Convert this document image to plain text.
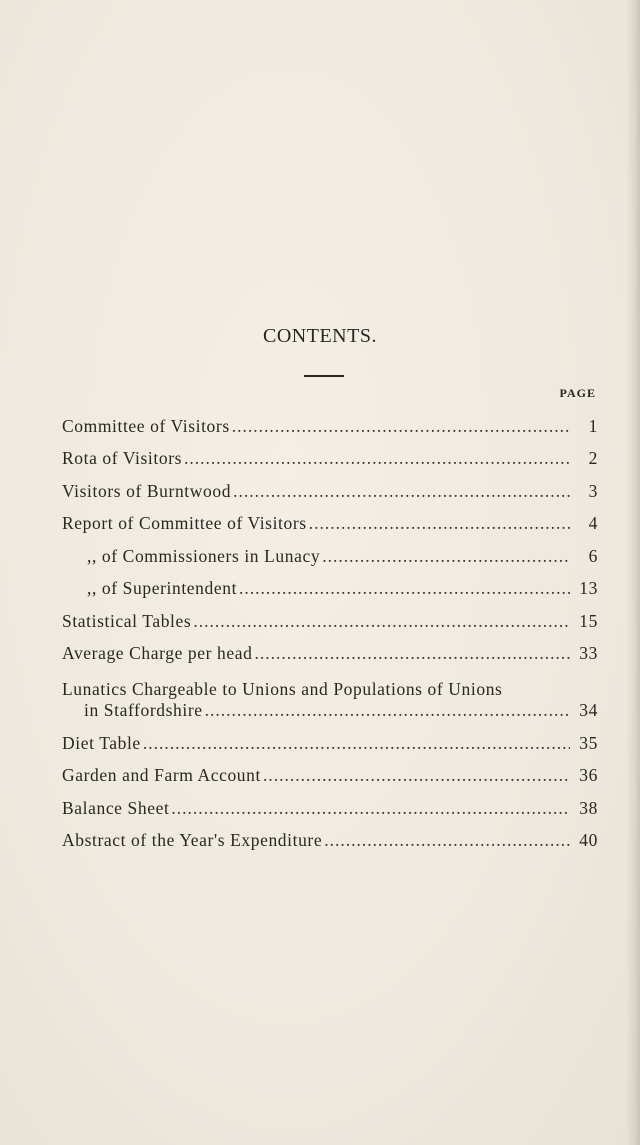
CONTENTS.
PAGE
Committee of Visitors .....	1
Rota of Visitors .....	2
Visitors of Burntwood .....	3
Report of Committee of Visitors .....	4
,, of Commissioners in Lunacy .....	6
,, of Superintendent .....	13
Statistical Tables .....	15
Average Charge per head .....	33
Lunatics Chargeable to Unions and Populations of Unions
in Staffordshire .....	34
Diet Table .....	35
Garden and Farm Account .....	36
Balance Sheet .....	38
Abstract of the Year's Expenditure .....	40
